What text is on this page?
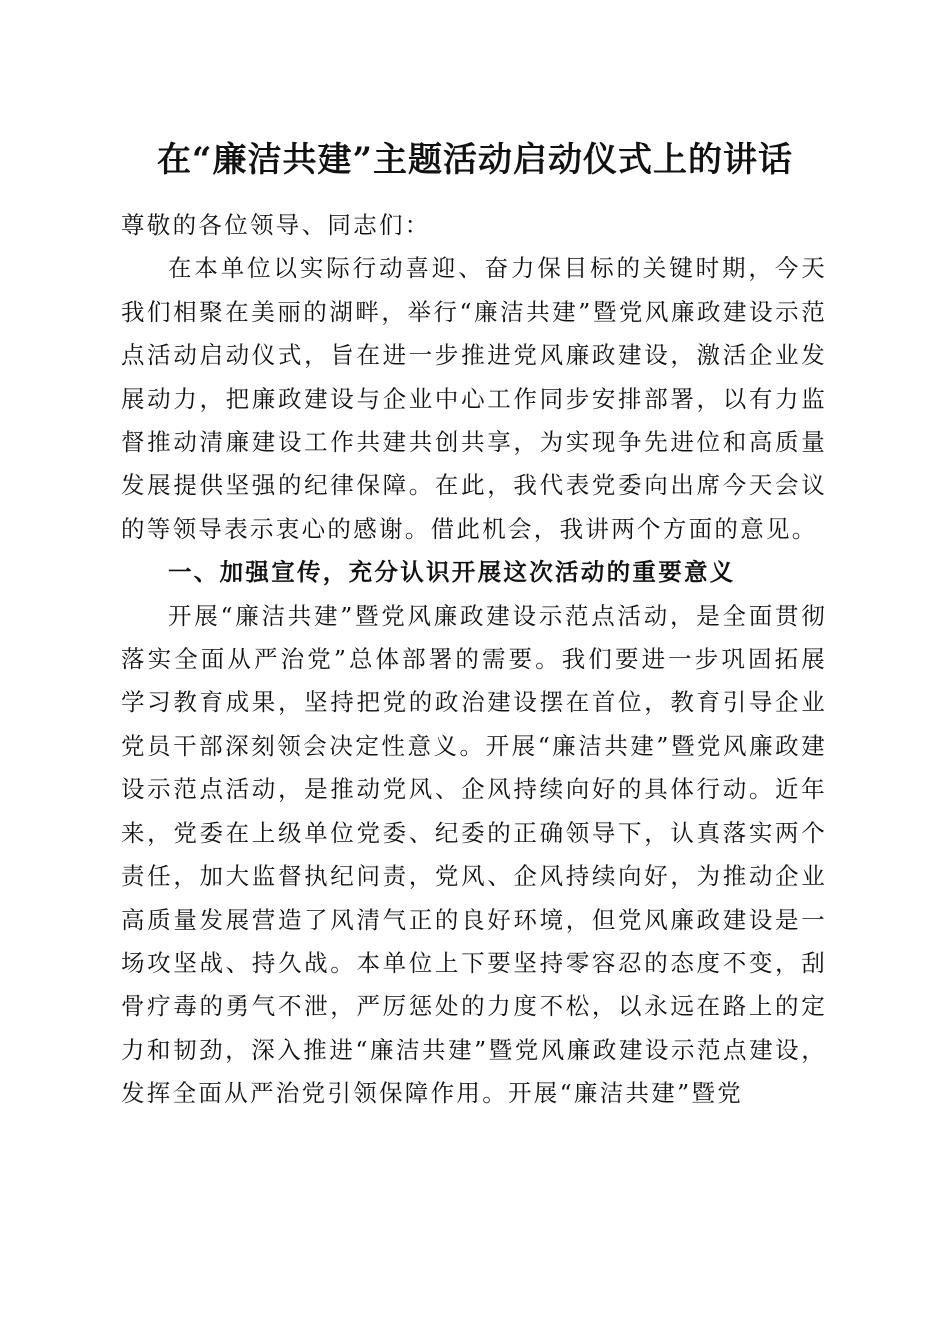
在“廉洁共建”主题活动启动仪式上的讲话

尊敬的各位领导、同志们：

在本单位以实际行动喜迎、奋力保目标的关键时期，今天我们相聚在美丽的湖畔，举行“廉洁共建”暨党风廉政建设示范点活动启动仪式，旨在进一步推进党风廉政建设，激活企业发展动力，把廉政建设与企业中心工作同步安排部署，以有力监督推动清廉建设工作共建共创共享，为实现争先进位和高质量发展提供坚强的纪律保障。在此，我代表党委向出席今天会议的等领导表示衷心的感谢。借此机会，我讲两个方面的意见。

一、加强宣传，充分认识开展这次活动的重要意义

开展“廉洁共建”暨党风廉政建设示范点活动，是全面贯彻落实全面从严治党”总体部署的需要。我们要进一步巩固拓展学习教育成果，坚持把党的政治建设摆在首位，教育引导企业党员干部深刻领会决定性意义。开展“廉洁共建”暨党风廉政建设示范点活动，是推动党风、企风持续向好的具体行动。近年来，党委在上级单位党委、纪委的正确领导下，认真落实两个责任，加大监督执纪问责，党风、企风持续向好，为推动企业高质量发展营造了风清气正的良好环境，但党风廉政建设是一场攻坚战、持久战。本单位上下要坚持零容忍的态度不变，刮骨疗毒的勇气不泄，严厉惩处的力度不松，以永远在路上的定力和韧劲，深入推进“廉洁共建”暨党风廉政建设示范点建设，发挥全面从严治党引领保障作用。开展“廉洁共建”暨党
